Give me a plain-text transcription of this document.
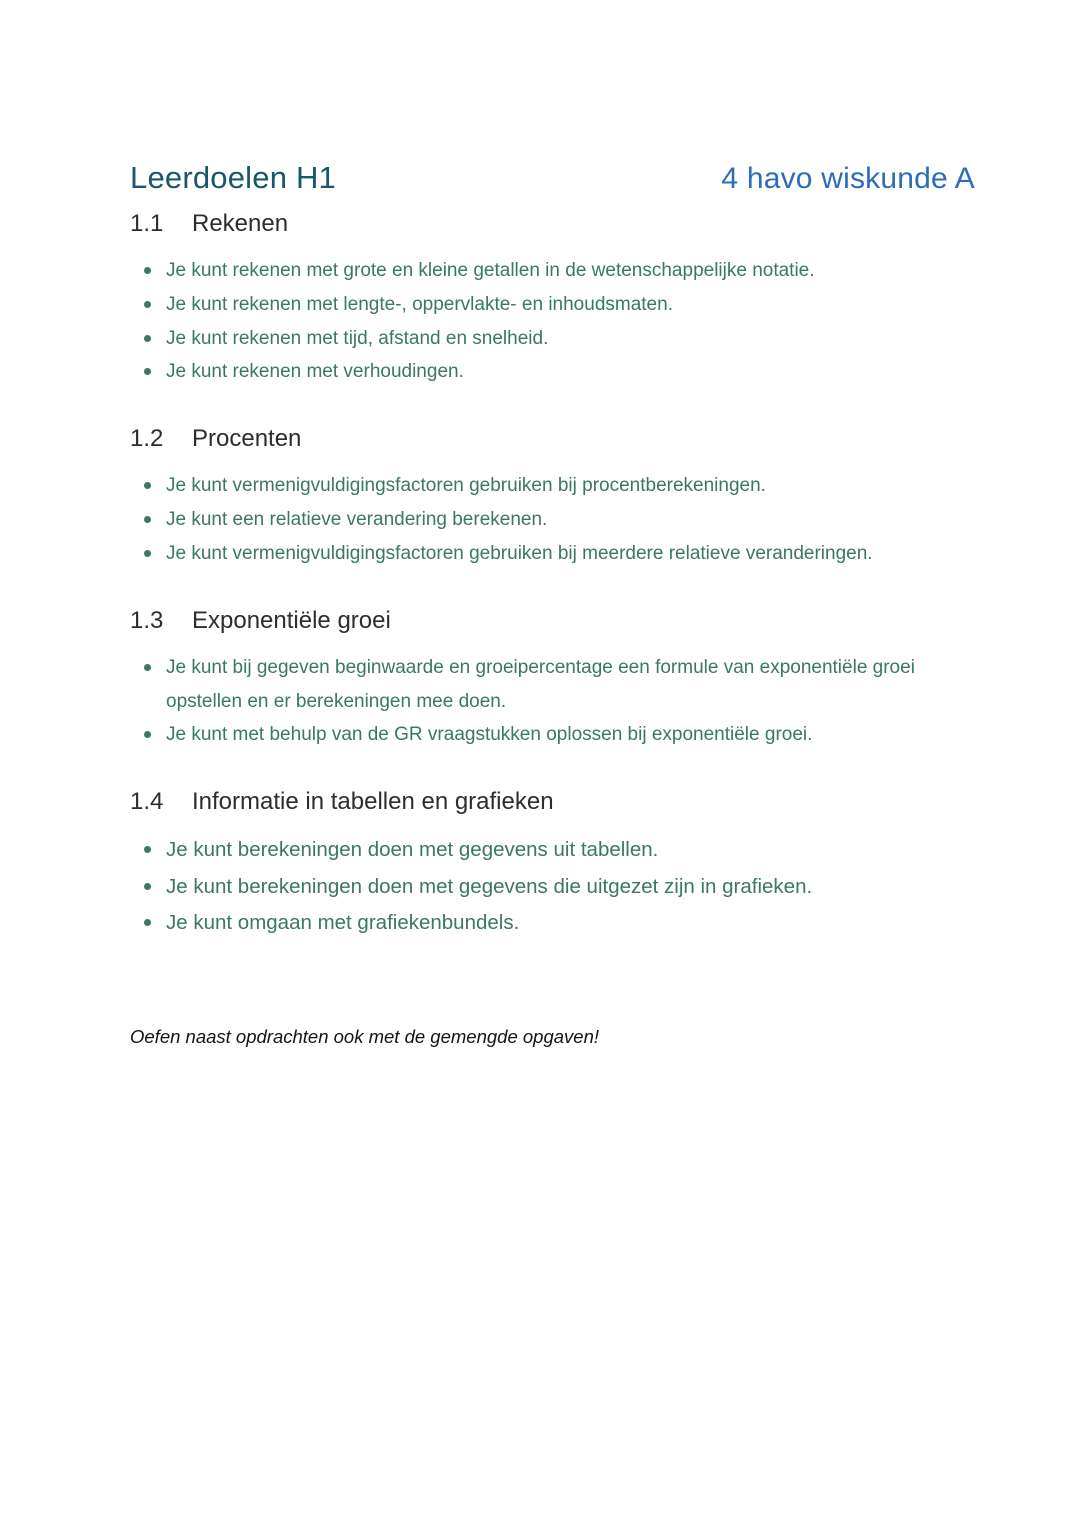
Leerdoelen H1	4 havo wiskunde A
1.1 Rekenen
Je kunt rekenen met grote en kleine getallen in de wetenschappelijke notatie.
Je kunt rekenen met lengte-, oppervlakte- en inhoudsmaten.
Je kunt rekenen met tijd, afstand en snelheid.
Je kunt rekenen met verhoudingen.
1.2 Procenten
Je kunt vermenigvuldigingsfactoren gebruiken bij procentberekeningen.
Je kunt een relatieve verandering berekenen.
Je kunt vermenigvuldigingsfactoren gebruiken bij meerdere relatieve veranderingen.
1.3 Exponentiële groei
Je kunt bij gegeven beginwaarde en groeipercentage een formule van exponentiële groei opstellen en er berekeningen mee doen.
Je kunt met behulp van de GR vraagstukken oplossen bij exponentiële groei.
1.4 Informatie in tabellen en grafieken
Je kunt berekeningen doen met gegevens uit tabellen.
Je kunt berekeningen doen met gegevens die uitgezet zijn in grafieken.
Je kunt omgaan met grafiekenbundels.
Oefen naast opdrachten ook met de gemengde opgaven!
